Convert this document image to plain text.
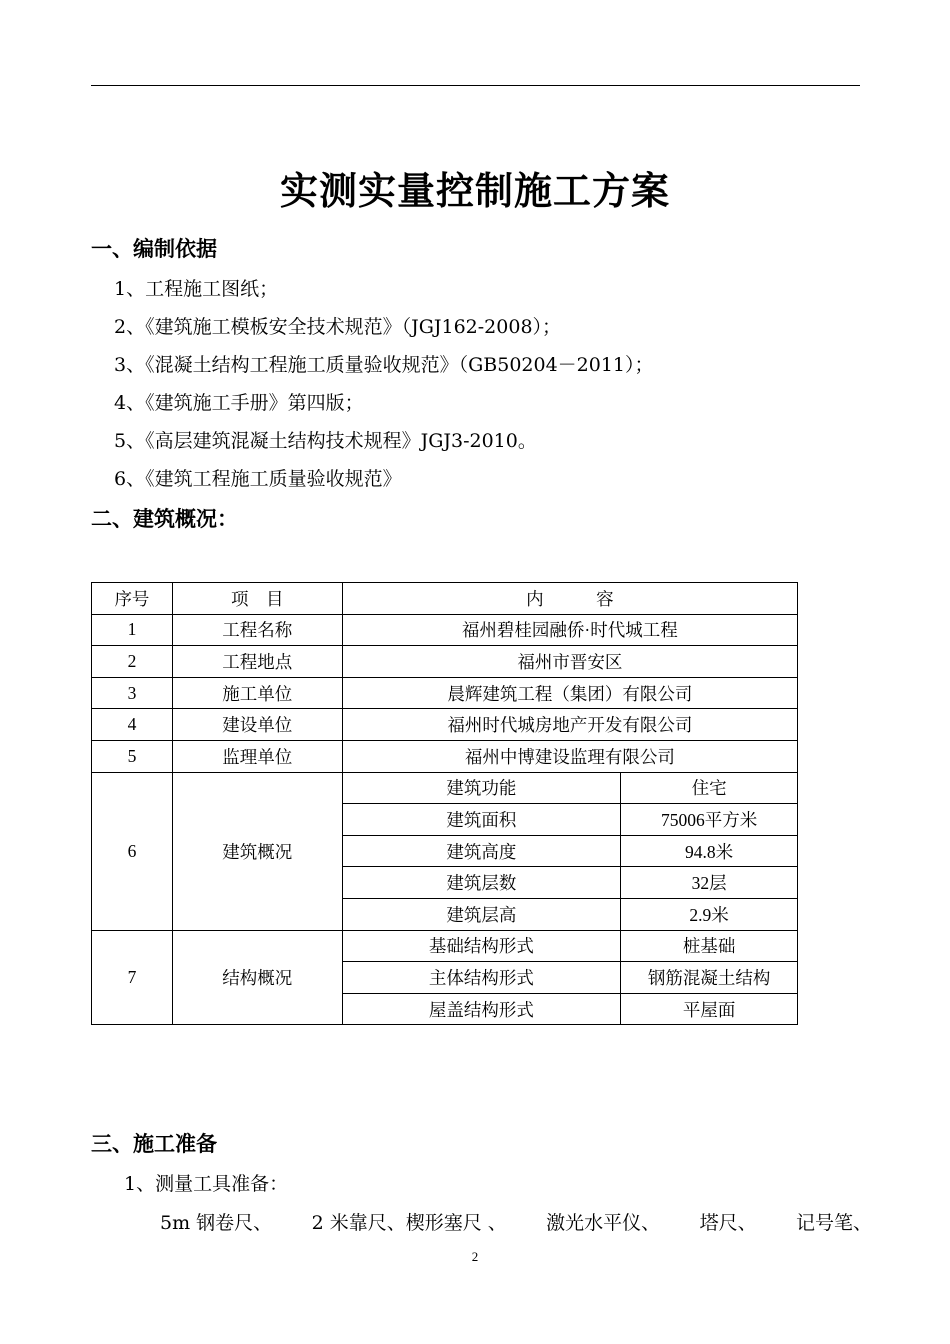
实测实量控制施工方案
一、编制依据
1、工程施工图纸；
2、《建筑施工模板安全技术规范》（JGJ162-2008）；
3、《混凝土结构工程施工质量验收规范》（GB50204－2011）；
4、《建筑施工手册》第四版；
5、《高层建筑混凝土结构技术规程》JGJ3-2010。
6、《建筑工程施工质量验收规范》
二、建筑概况：
序号	项　目	内　　　容	
1	工程名称	福州碧桂园融侨·时代城工程	
2	工程地点	福州市晋安区	
3	施工单位	晨辉建筑工程（集团）有限公司	
4	建设单位	福州时代城房地产开发有限公司	
5	监理单位	福州中博建设监理有限公司	
6	建筑概况	建筑功能	住宅
		建筑面积	75006平方米
		建筑高度	94.8米
		建筑层数	32层
		建筑层高	2.9米
7	结构概况	基础结构形式	桩基础
		主体结构形式	钢筋混凝土结构
		屋盖结构形式	平屋面
三、施工准备
1、测量工具准备：
5m 钢卷尺、 2 米靠尺、楔形塞尺 、 激光水平仪、 塔尺、 记号笔、
2
